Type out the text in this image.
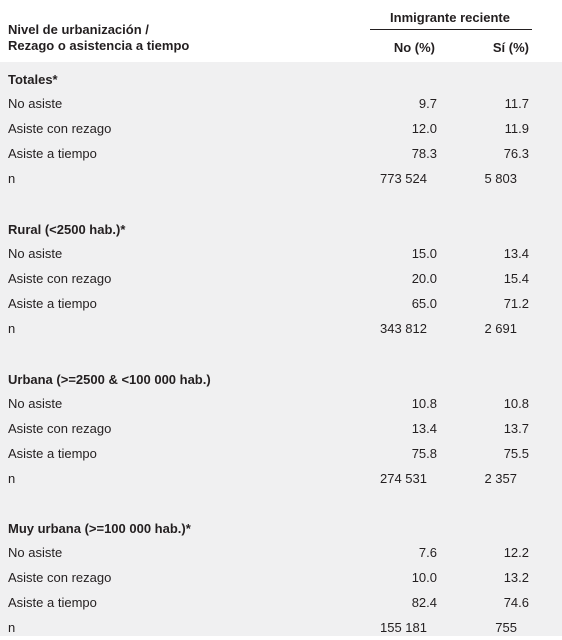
Nivel de urbanización /
Rezago o asistencia a tiempo
Inmigrante reciente
No (%)	Sí (%)
Totales*
No asiste	9.7	11.7
Asiste con rezago	12.0	11.9
Asiste a tiempo	78.3	76.3
n	773 524	5 803
Rural (<2500 hab.)*
No asiste	15.0	13.4
Asiste con rezago	20.0	15.4
Asiste a tiempo	65.0	71.2
n	343 812	2 691
Urbana (>=2500 & <100 000 hab.)
No asiste	10.8	10.8
Asiste con rezago	13.4	13.7
Asiste a tiempo	75.8	75.5
n	274 531	2 357
Muy urbana (>=100 000 hab.)*
No asiste	7.6	12.2
Asiste con rezago	10.0	13.2
Asiste a tiempo	82.4	74.6
n	155 181	755
